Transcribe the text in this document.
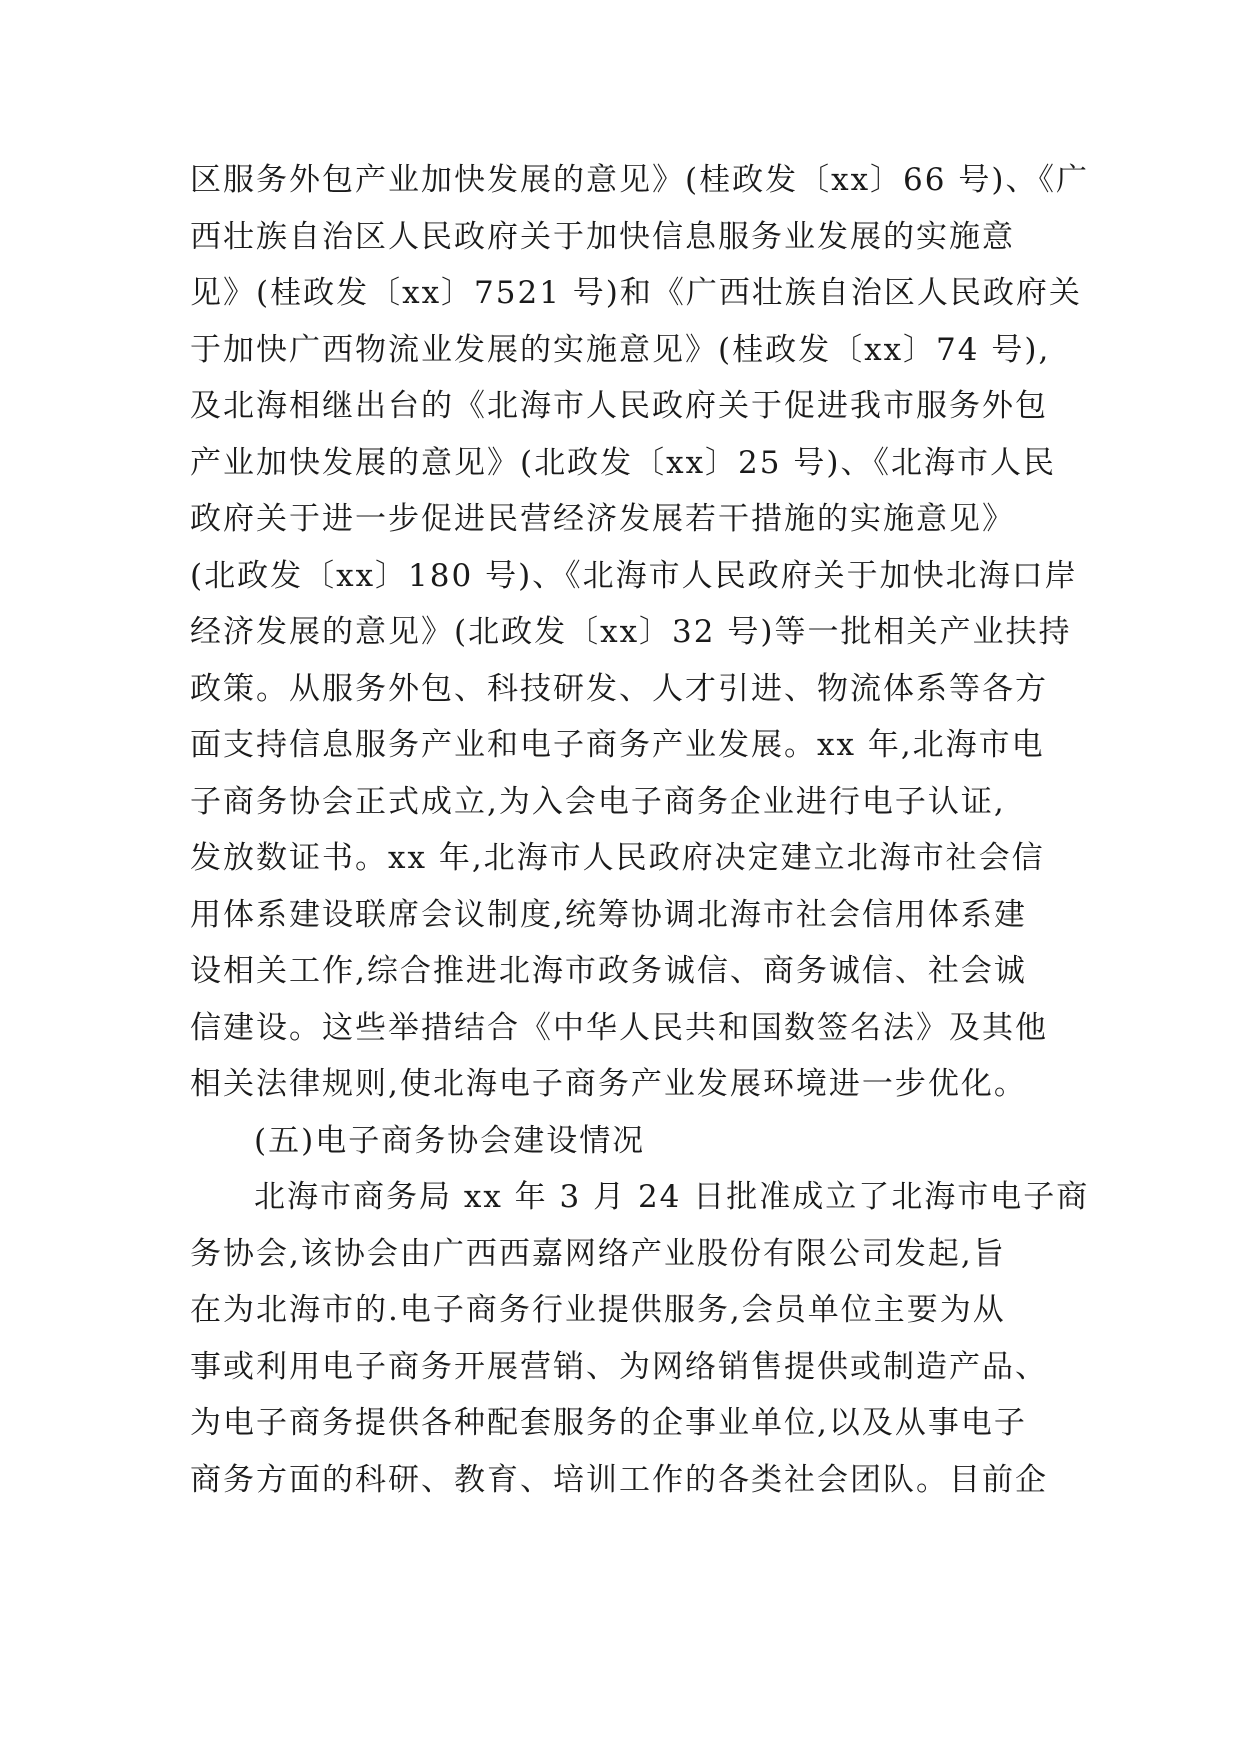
区服务外包产业加快发展的意见》(桂政发〔xx〕66 号)、《广
西壮族自治区人民政府关于加快信息服务业发展的实施意
见》(桂政发〔xx〕7521 号)和《广西壮族自治区人民政府关
于加快广西物流业发展的实施意见》(桂政发〔xx〕74 号),
及北海相继出台的《北海市人民政府关于促进我市服务外包
产业加快发展的意见》(北政发〔xx〕25 号)、《北海市人民
政府关于进一步促进民营经济发展若干措施的实施意见》
(北政发〔xx〕180 号)、《北海市人民政府关于加快北海口岸
经济发展的意见》(北政发〔xx〕32 号)等一批相关产业扶持
政策。从服务外包、科技研发、人才引进、物流体系等各方
面支持信息服务产业和电子商务产业发展。xx 年,北海市电
子商务协会正式成立,为入会电子商务企业进行电子认证,
发放数证书。xx 年,北海市人民政府决定建立北海市社会信
用体系建设联席会议制度,统筹协调北海市社会信用体系建
设相关工作,综合推进北海市政务诚信、商务诚信、社会诚
信建设。这些举措结合《中华人民共和国数签名法》及其他
相关法律规则,使北海电子商务产业发展环境进一步优化。
(五)电子商务协会建设情况
北海市商务局 xx 年 3 月 24 日批准成立了北海市电子商
务协会,该协会由广西西嘉网络产业股份有限公司发起,旨
在为北海市的.电子商务行业提供服务,会员单位主要为从
事或利用电子商务开展营销、为网络销售提供或制造产品、
为电子商务提供各种配套服务的企事业单位,以及从事电子
商务方面的科研、教育、培训工作的各类社会团队。目前企
